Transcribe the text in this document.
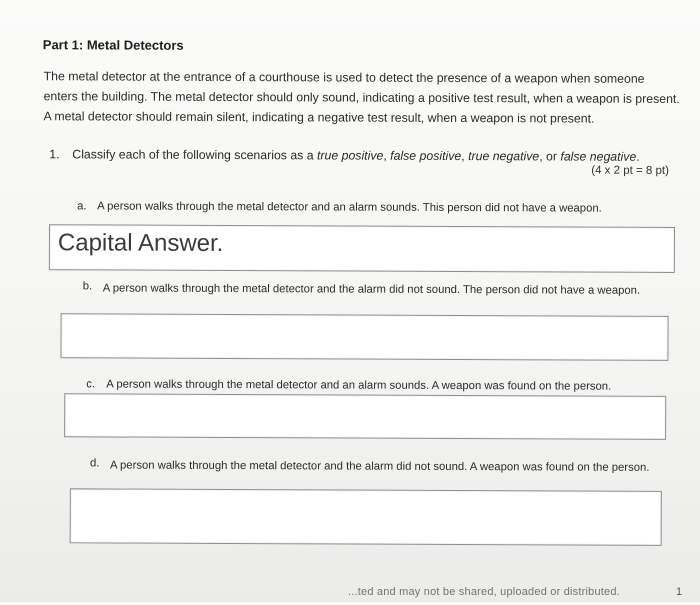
Part 1: Metal Detectors
The metal detector at the entrance of a courthouse is used to detect the presence of a weapon when someone enters the building. The metal detector should only sound, indicating a positive test result, when a weapon is present. A metal detector should remain silent, indicating a negative test result, when a weapon is not present.
1. Classify each of the following scenarios as a true positive, false positive, true negative, or false negative.
(4 x 2 pt = 8 pt)
a. A person walks through the metal detector and an alarm sounds. This person did not have a weapon.
Capital Answer.
b. A person walks through the metal detector and the alarm did not sound. The person did not have a weapon.
c. A person walks through the metal detector and an alarm sounds. A weapon was found on the person.
d. A person walks through the metal detector and the alarm did not sound. A weapon was found on the person.
...ted and may not be shared, uploaded or distributed.	1
